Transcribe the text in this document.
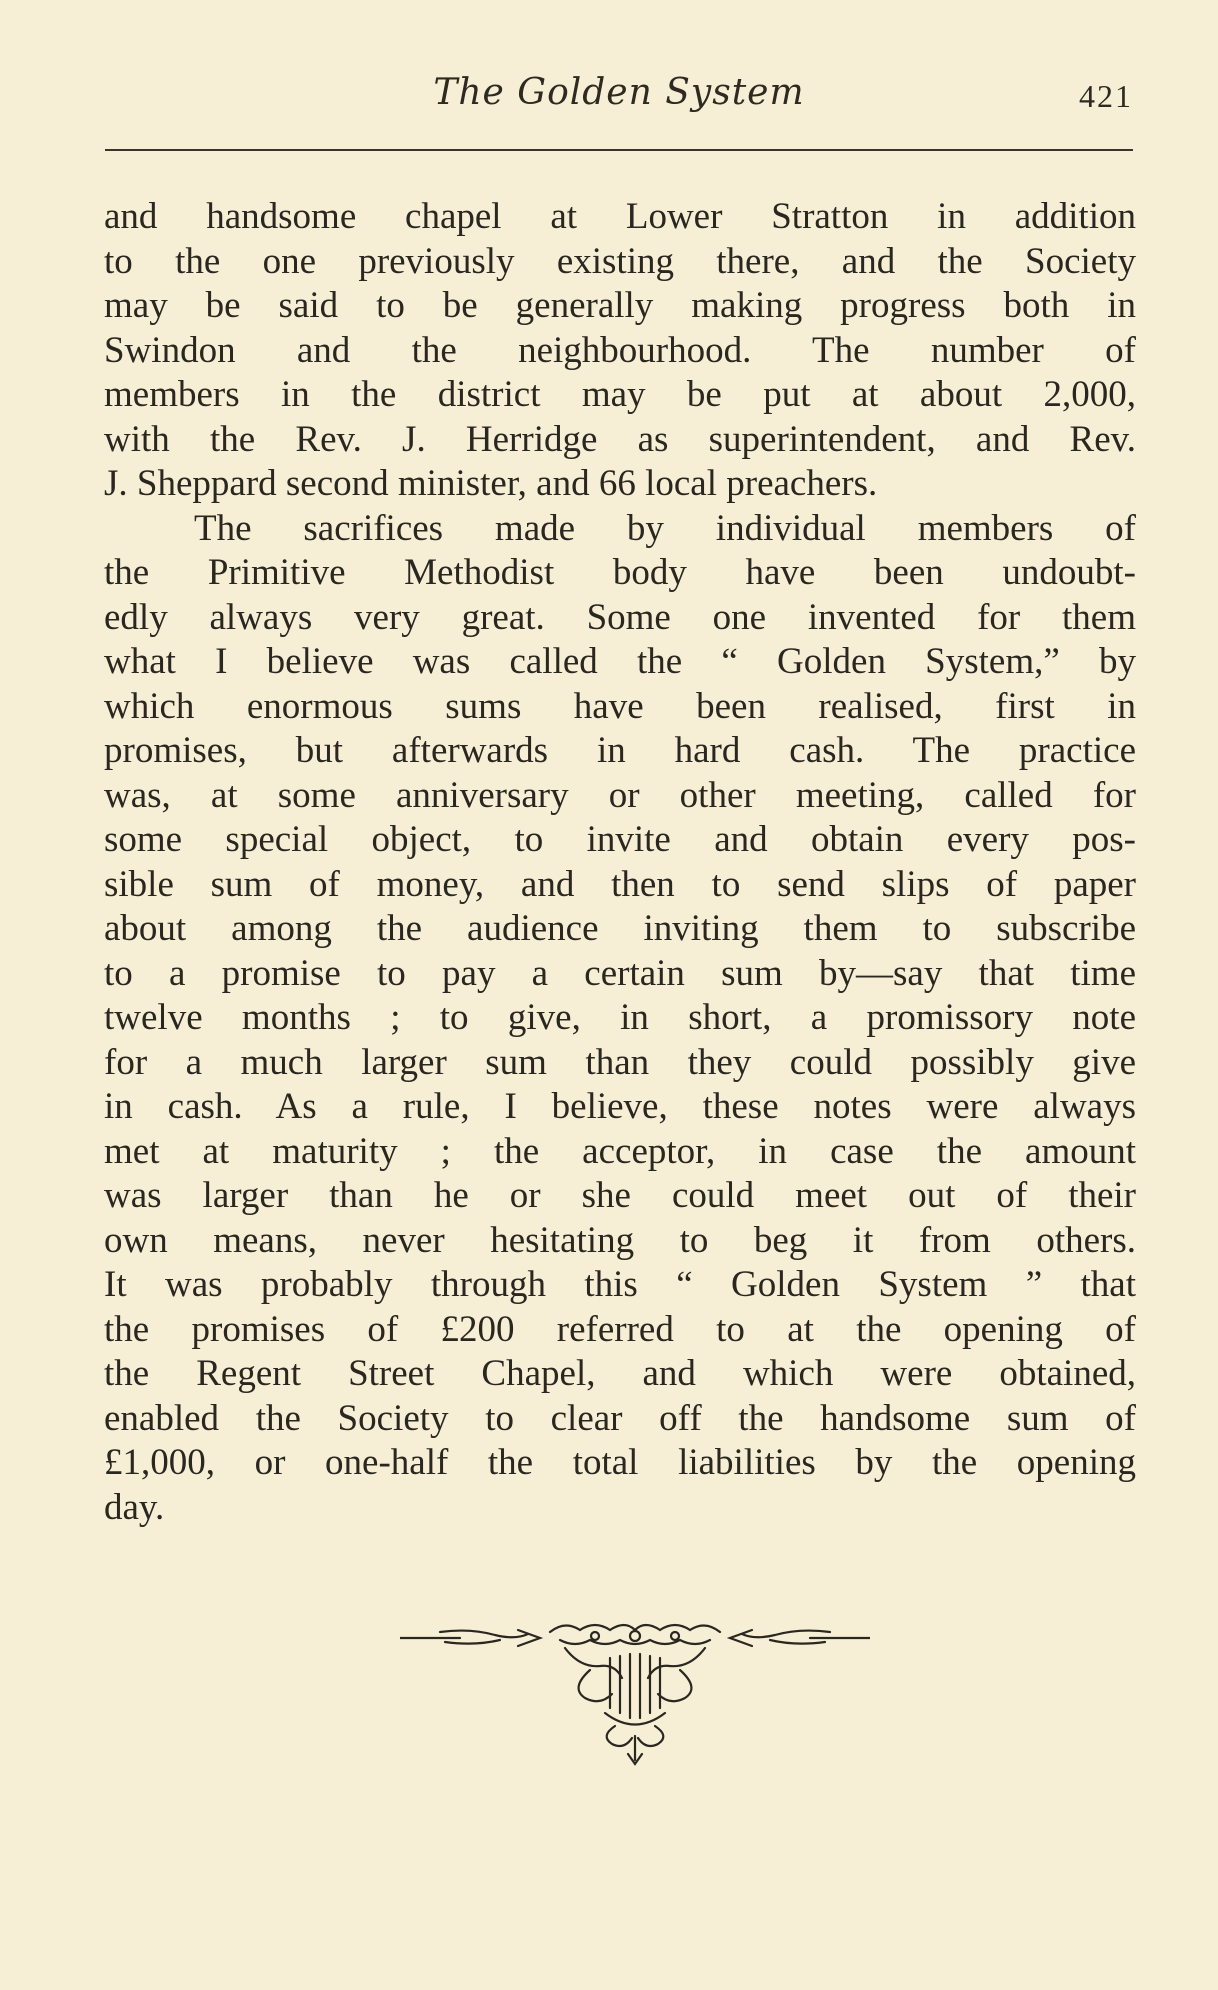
The Golden System	421
and handsome chapel at Lower Stratton in addition
to the one previously existing there, and the Society
may be said to be generally making progress both in
Swindon and the neighbourhood. The number of
members in the district may be put at about 2,000,
with the Rev. J. Herridge as superintendent, and Rev.
J. Sheppard second minister, and 66 local preachers.
The sacrifices made by individual members of
the Primitive Methodist body have been undoubt-
edly always very great. Some one invented for them
what I believe was called the “ Golden System,” by
which enormous sums have been realised, first in
promises, but afterwards in hard cash. The practice
was, at some anniversary or other meeting, called for
some special object, to invite and obtain every pos-
sible sum of money, and then to send slips of paper
about among the audience inviting them to subscribe
to a promise to pay a certain sum by—say that time
twelve months ; to give, in short, a promissory note
for a much larger sum than they could possibly give
in cash. As a rule, I believe, these notes were always
met at maturity ; the acceptor, in case the amount
was larger than he or she could meet out of their
own means, never hesitating to beg it from others.
It was probably through this “ Golden System ” that
the promises of £200 referred to at the opening of
the Regent Street Chapel, and which were obtained,
enabled the Society to clear off the handsome sum of
£1,000, or one-half the total liabilities by the opening
day.
